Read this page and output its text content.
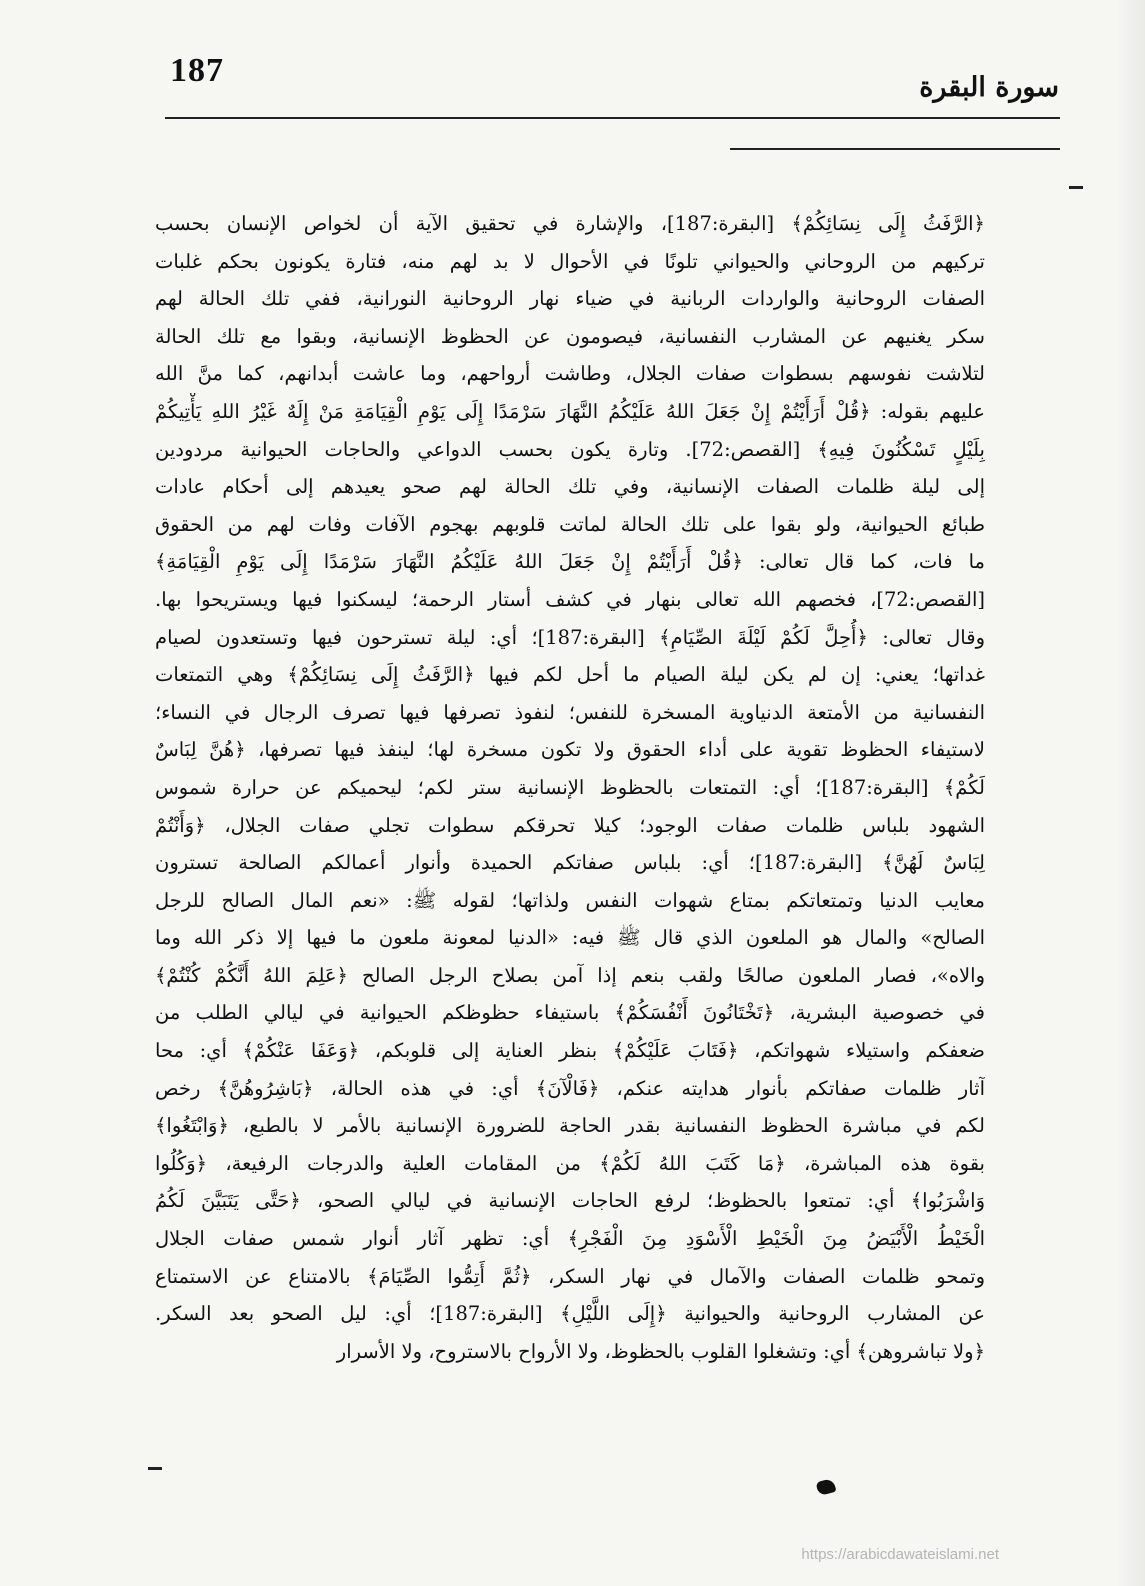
187	سورة البقرة
﴿الرَّفَثُ إِلَى نِسَائِكُمْ﴾ [البقرة:187]، والإشارة في تحقيق الآية أن لخواص الإنسان بحسب
تركيهم من الروحاني والحيواني تلونًا في الأحوال لا بد لهم منه، فتارة يكونون بحكم غلبات
الصفات الروحانية والواردات الربانية في ضياء نهار الروحانية النورانية، ففي تلك الحالة لهم
سكر يغنيهم عن المشارب النفسانية، فيصومون عن الحظوظ الإنسانية، وبقوا مع تلك الحالة
لتلاشت نفوسهم بسطوات صفات الجلال، وطاشت أرواحهم، وما عاشت أبدانهم، كما منَّ الله
عليهم بقوله: ﴿قُلْ أَرَأَيْتُمْ إِنْ جَعَلَ اللهُ عَلَيْكُمُ النَّهَارَ سَرْمَدًا إِلَى يَوْمِ الْقِيَامَةِ مَنْ إِلَهٌ غَيْرُ اللهِ يَأْتِيكُمْ
بِلَيْلٍ تَسْكُنُونَ فِيهِ﴾ [القصص:72]. وتارة يكون بحسب الدواعي والحاجات الحيوانية مردودين
إلى ليلة ظلمات الصفات الإنسانية، وفي تلك الحالة لهم صحو يعيدهم إلى أحكام عادات
طبائع الحيوانية، ولو بقوا على تلك الحالة لماتت قلوبهم بهجوم الآفات وفات لهم من الحقوق
ما فات، كما قال تعالى: ﴿قُلْ أَرَأَيْتُمْ إِنْ جَعَلَ اللهُ عَلَيْكُمُ النَّهَارَ سَرْمَدًا إِلَى يَوْمِ الْقِيَامَةِ﴾
[القصص:72]، فخصهم الله تعالى بنهار في كشف أستار الرحمة؛ ليسكنوا فيها ويستريحوا بها.
وقال تعالى: ﴿أُحِلَّ لَكُمْ لَيْلَةَ الصِّيَامِ﴾ [البقرة:187]؛ أي: ليلة تسترحون فيها وتستعدون لصيام
غداتها؛ يعني: إن لم يكن ليلة الصيام ما أحل لكم فيها ﴿الرَّفَثُ إِلَى نِسَائِكُمْ﴾ وهي التمتعات
النفسانية من الأمتعة الدنياوية المسخرة للنفس؛ لنفوذ تصرفها فيها تصرف الرجال في النساء؛
لاستيفاء الحظوظ تقوية على أداء الحقوق ولا تكون مسخرة لها؛ لينفذ فيها تصرفها، ﴿هُنَّ لِبَاسٌ
لَكُمْ﴾ [البقرة:187]؛ أي: التمتعات بالحظوظ الإنسانية ستر لكم؛ ليحميكم عن حرارة شموس
الشهود بلباس ظلمات صفات الوجود؛ كيلا تحرقكم سطوات تجلي صفات الجلال، ﴿وَأَنْتُمْ
لِبَاسٌ لَهُنَّ﴾ [البقرة:187]؛ أي: بلباس صفاتكم الحميدة وأنوار أعمالكم الصالحة تسترون
معايب الدنيا وتمتعاتكم بمتاع شهوات النفس ولذاتها؛ لقوله ﷺ: «نعم المال الصالح للرجل
الصالح» والمال هو الملعون الذي قال ﷺ فيه: «الدنيا لمعونة ملعون ما فيها إلا ذكر الله وما
والاه»، فصار الملعون صالحًا ولقب بنعم إذا آمن بصلاح الرجل الصالح ﴿عَلِمَ اللهُ أَنَّكُمْ كُنْتُمْ﴾
في خصوصية البشرية، ﴿تَخْتَانُونَ أَنْفُسَكُمْ﴾ باستيفاء حظوظكم الحيوانية في ليالي الطلب من
ضعفكم واستيلاء شهواتكم، ﴿فَتَابَ عَلَيْكُمْ﴾ بنظر العناية إلى قلوبكم، ﴿وَعَفَا عَنْكُمْ﴾ أي: محا
آثار ظلمات صفاتكم بأنوار هدايته عنكم، ﴿فَالْآنَ﴾ أي: في هذه الحالة، ﴿بَاشِرُوهُنَّ﴾ رخص
لكم في مباشرة الحظوظ النفسانية بقدر الحاجة للضرورة الإنسانية بالأمر لا بالطبع، ﴿وَابْتَغُوا﴾
بقوة هذه المباشرة، ﴿مَا كَتَبَ اللهُ لَكُمْ﴾ من المقامات العلية والدرجات الرفيعة، ﴿وَكُلُوا
وَاشْرَبُوا﴾ أي: تمتعوا بالحظوظ؛ لرفع الحاجات الإنسانية في ليالي الصحو، ﴿حَتَّى يَتَبَيَّنَ لَكُمُ
الْخَيْطُ الْأَبْيَضُ مِنَ الْخَيْطِ الْأَسْوَدِ مِنَ الْفَجْرِ﴾ أي: تظهر آثار أنوار شمس صفات الجلال
وتمحو ظلمات الصفات والآمال في نهار السكر، ﴿ثُمَّ أَتِمُّوا الصِّيَامَ﴾ بالامتناع عن الاستمتاع
عن المشارب الروحانية والحيوانية ﴿إِلَى اللَّيْلِ﴾ [البقرة:187]؛ أي: ليل الصحو بعد السكر.
﴿ولا تباشروهن﴾ أي: وتشغلوا القلوب بالحظوظ، ولا الأرواح بالاستروح، ولا الأسرار
https://arabicdawateislami.net
